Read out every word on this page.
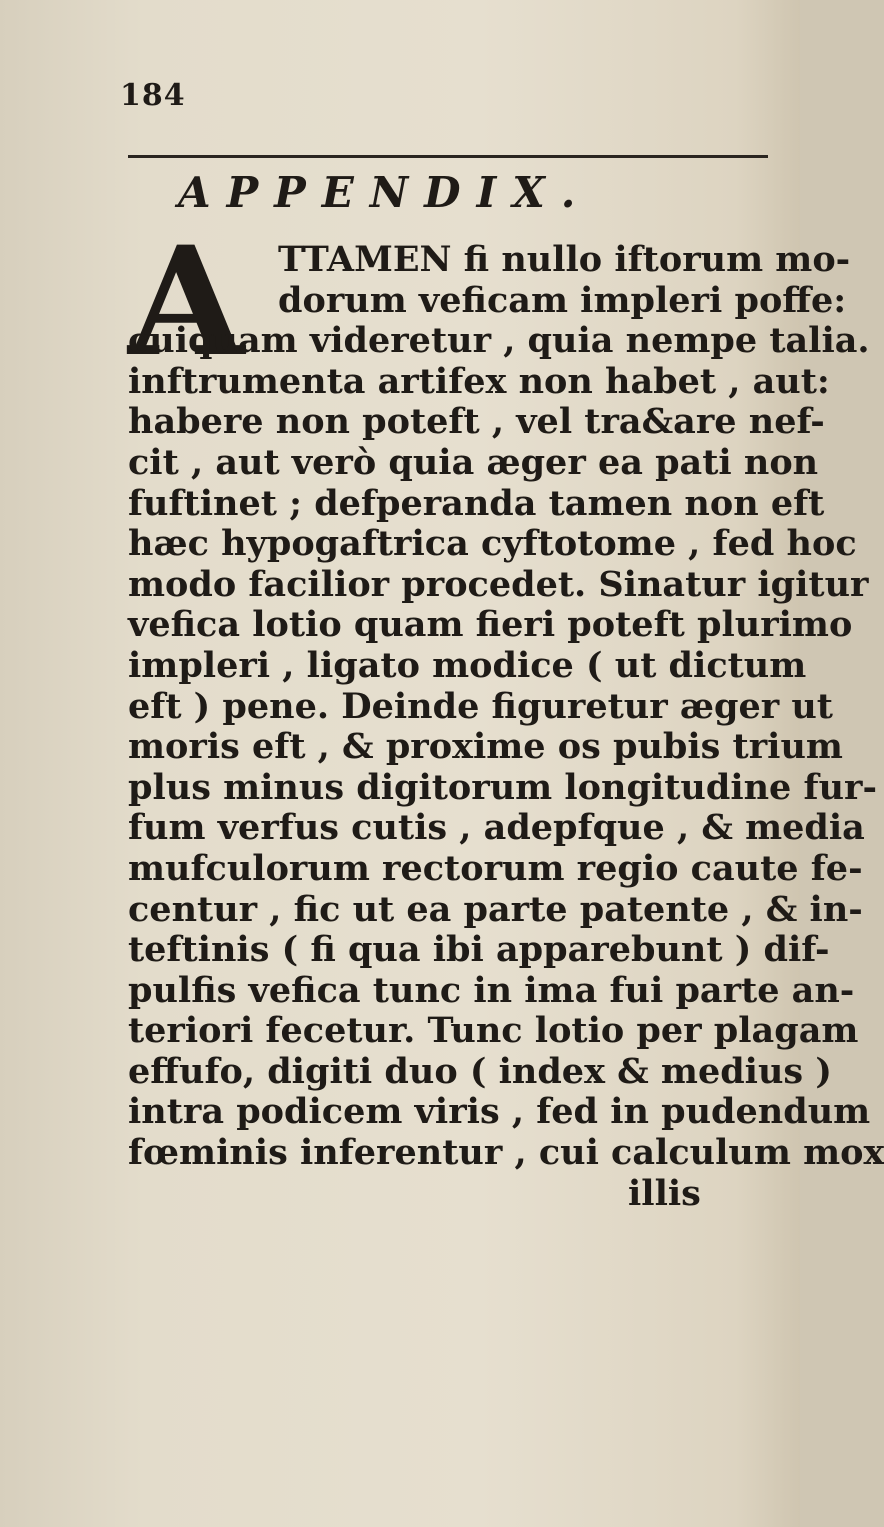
184
APPENDIX.
A TTAMEN fi nullo iftorum mo-
dorum veficam impleri poffe:
cuiquam videretur , quia nempe talia.
inftrumenta artifex non habet , aut:
habere non poteft , vel tra&are nef-
cit , aut verò quia æger ea pati non
fuftinet ; defperanda tamen non eft
hæc hypogaftrica cyftotome , fed hoc
modo facilior procedet. Sinatur igitur
vefica lotio quam fieri poteft plurimo
impleri , ligato modice ( ut dictum
eft ) pene. Deinde figuretur æger ut
moris eft , & proxime os pubis trium
plus minus digitorum longitudine fur-
fum verfus cutis , adepfque , & media
mufculorum rectorum regio caute fe-
centur , fic ut ea parte patente , & in-
teftinis ( fi qua ibi apparebunt ) dif-
pulfis vefica tunc in ima fui parte an-
teriori fecetur. Tunc lotio per plagam
effufo, digiti duo ( index & medius )
intra podicem viris , fed in pudendum
fœminis inferentur , cui calculum mox
illis
